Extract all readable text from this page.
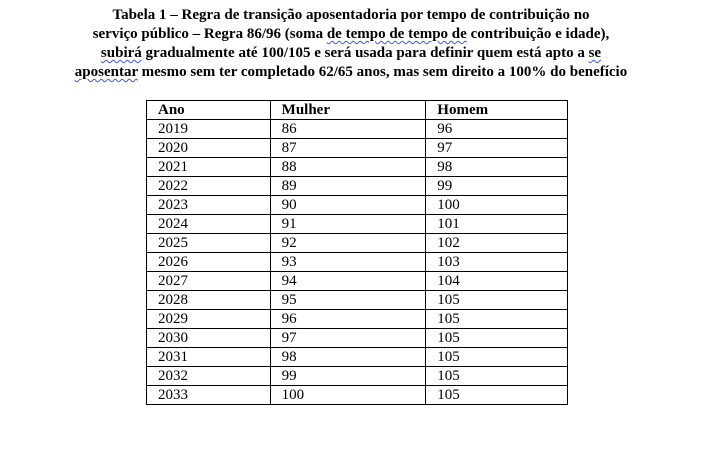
Tabela 1 – Regra de transição aposentadoria por tempo de contribuição no
serviço público – Regra 86/96 (soma de tempo de tempo de contribuição e idade),
subirá gradualmente até 100/105 e será usada para definir quem está apto a se
aposentar mesmo sem ter completado 62/65 anos, mas sem direito a 100% do benefício
Ano	Mulher	Homem
2019	86	96
2020	87	97
2021	88	98
2022	89	99
2023	90	100
2024	91	101
2025	92	102
2026	93	103
2027	94	104
2028	95	105
2029	96	105
2030	97	105
2031	98	105
2032	99	105
2033	100	105
